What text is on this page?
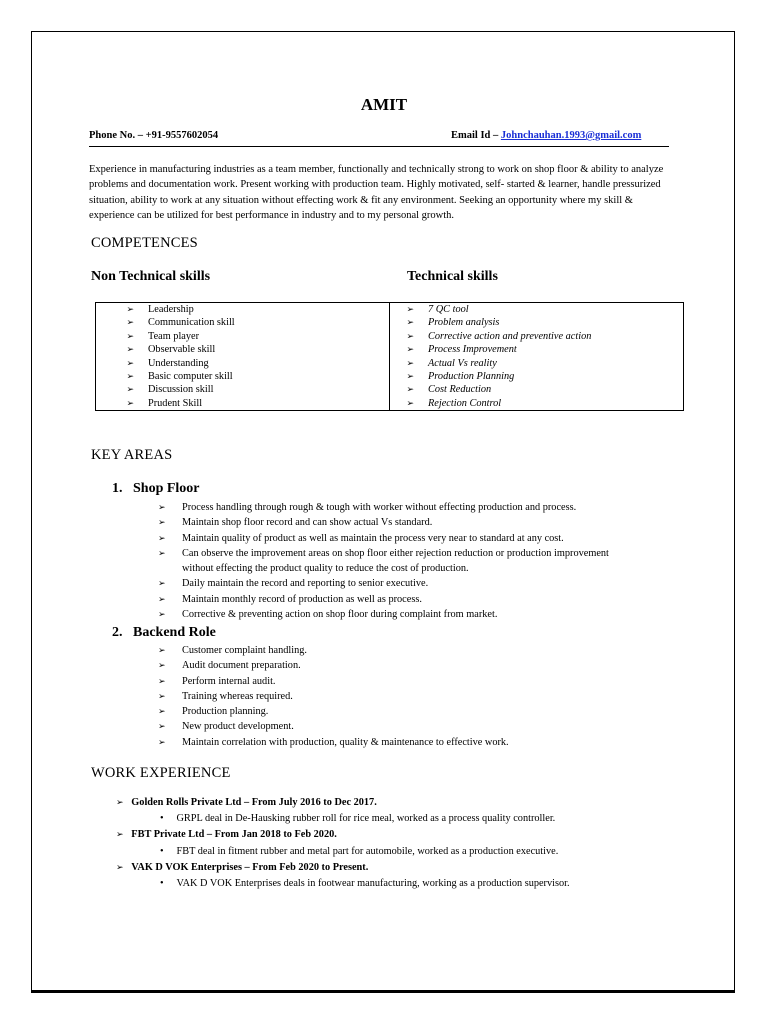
AMIT
Phone No. – +91-9557602054	Email Id – Johnchauhan.1993@gmail.com
Experience in manufacturing industries as a team member, functionally and technically strong to work on shop floor & ability to analyze problems and documentation work. Present working with production team. Highly motivated, self- started & learner, handle pressurized situation, ability to work at any situation without effecting work & fit any environment. Seeking an opportunity where my skill & experience can be utilized for best performance in industry and to my personal growth.
COMPETENCES
Non Technical skills	Technical skills
➢ Leadership
➢ Communication skill
➢ Team player
➢ Observable skill
➢ Understanding
➢ Basic computer skill
➢ Discussion skill
➢ Prudent Skill

➢ 7 QC tool
➢ Problem analysis
➢ Corrective action and preventive action
➢ Process Improvement
➢ Actual Vs reality
➢ Production Planning
➢ Cost Reduction
➢ Rejection Control
KEY AREAS
1. Shop Floor
➢ Process handling through rough & tough with worker without effecting production and process.
➢ Maintain shop floor record and can show actual Vs standard.
➢ Maintain quality of product as well as maintain the process very near to standard at any cost.
➢ Can observe the improvement areas on shop floor either rejection reduction or production improvement
without effecting the product quality to reduce the cost of production.
➢ Daily maintain the record and reporting to senior executive.
➢ Maintain monthly record of production as well as process.
➢ Corrective & preventing action on shop floor during complaint from market.
2. Backend Role
➢ Customer complaint handling.
➢ Audit document preparation.
➢ Perform internal audit.
➢ Training whereas required.
➢ Production planning.
➢ New product development.
➢ Maintain correlation with production, quality & maintenance to effective work.
WORK EXPERIENCE
➢ Golden Rolls Private Ltd – From July 2016 to Dec 2017.
•     GRPL deal in De-Hausking rubber roll for rice meal, worked as a process quality controller.
➢ FBT Private Ltd – From Jan 2018 to Feb 2020.
•     FBT deal in fitment rubber and metal part for automobile, worked as a production executive.
➢ VAK D VOK Enterprises – From Feb 2020 to Present.
•     VAK D VOK Enterprises deals in footwear manufacturing, working as a production supervisor.
